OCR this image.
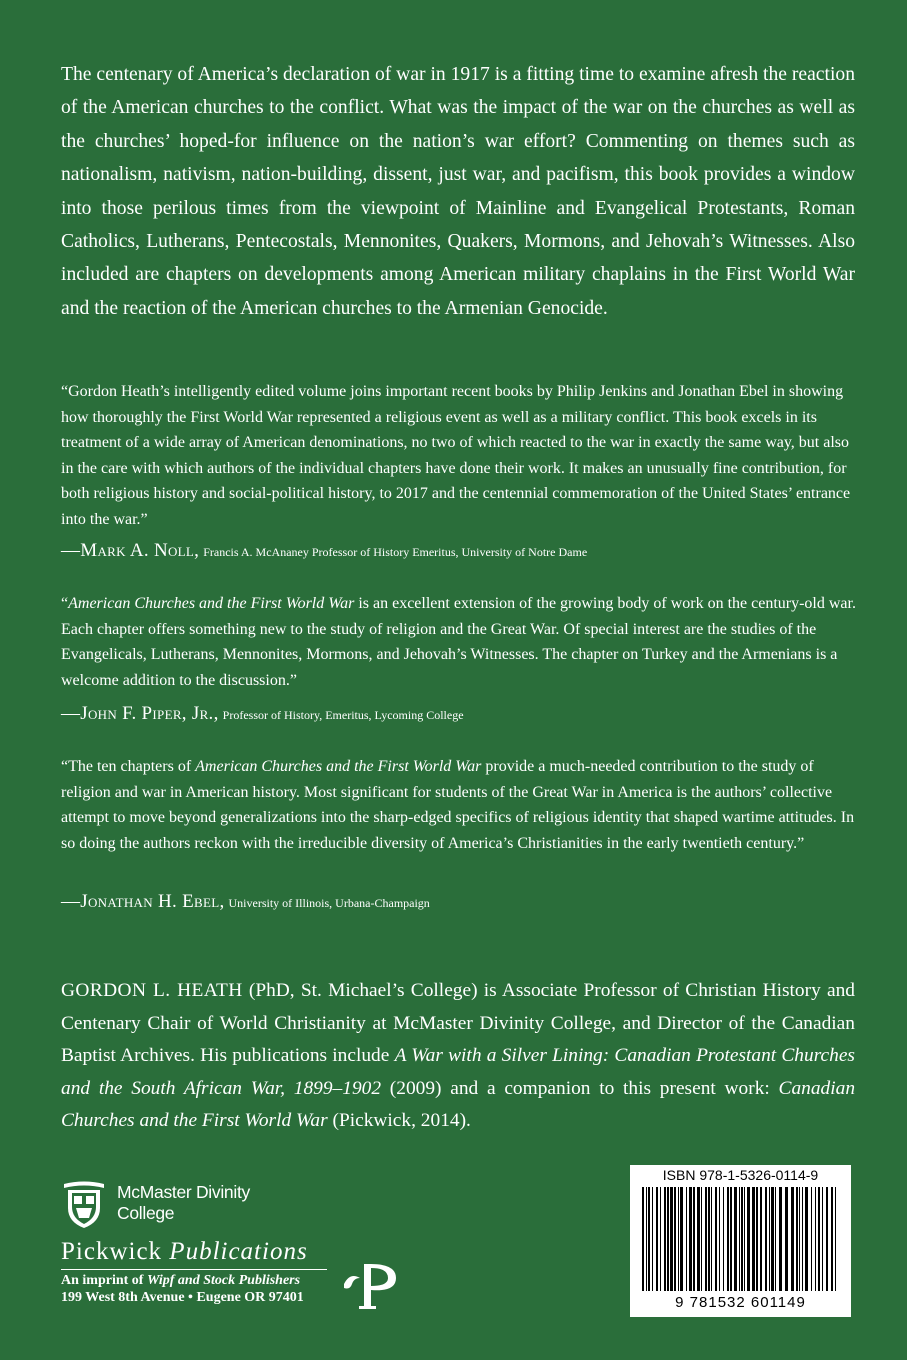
The centenary of America’s declaration of war in 1917 is a fitting time to examine afresh the reaction of the American churches to the conflict. What was the impact of the war on the churches as well as the churches’ hoped-for influence on the nation’s war effort? Commenting on themes such as nationalism, nativism, nation-building, dissent, just war, and pacifism, this book provides a window into those perilous times from the viewpoint of Mainline and Evangelical Protestants, Roman Catholics, Lutherans, Pentecostals, Mennonites, Quakers, Mormons, and Jehovah’s Witnesses. Also included are chapters on developments among American military chaplains in the First World War and the reaction of the American churches to the Armenian Genocide.

“Gordon Heath’s intelligently edited volume joins important recent books by Philip Jenkins and Jonathan Ebel in showing how thoroughly the First World War represented a religious event as well as a military conflict. This book excels in its treatment of a wide array of American denominations, no two of which reacted to the war in exactly the same way, but also in the care with which authors of the individual chapters have done their work. It makes an unusually fine contribution, for both religious history and social-political history, to 2017 and the centennial commemoration of the United States’ entrance into the war.”

—Mark A. Noll, Francis A. McAnaney Professor of History Emeritus, University of Notre Dame

“American Churches and the First World War is an excellent extension of the growing body of work on the century-old war. Each chapter offers something new to the study of religion and the Great War. Of special interest are the studies of the Evangelicals, Lutherans, Mennonites, Mormons, and Jehovah’s Witnesses. The chapter on Turkey and the Armenians is a welcome addition to the discussion.”

—John F. Piper, Jr., Professor of History, Emeritus, Lycoming College

“The ten chapters of American Churches and the First World War provide a much-needed contribution to the study of religion and war in American history. Most significant for students of the Great War in America is the authors’ collective attempt to move beyond generalizations into the sharp-edged specifics of religious identity that shaped wartime attitudes. In so doing the authors reckon with the irreducible diversity of America’s Christianities in the early twentieth century.”

—Jonathan H. Ebel, University of Illinois, Urbana-Champaign

GORDON L. HEATH (PhD, St. Michael’s College) is Associate Professor of Christian History and Centenary Chair of World Christianity at McMaster Divinity College, and Director of the Canadian Baptist Archives. His publications include A War with a Silver Lining: Canadian Protestant Churches and the South African War, 1899–1902 (2009) and a companion to this present work: Canadian Churches and the First World War (Pickwick, 2014).

McMaster Divinity
College
Pickwick Publications
An imprint of Wipf and Stock Publishers
199 West 8th Avenue • Eugene OR 97401
ISBN 978-1-5326-0114-9
9 781532 601149
